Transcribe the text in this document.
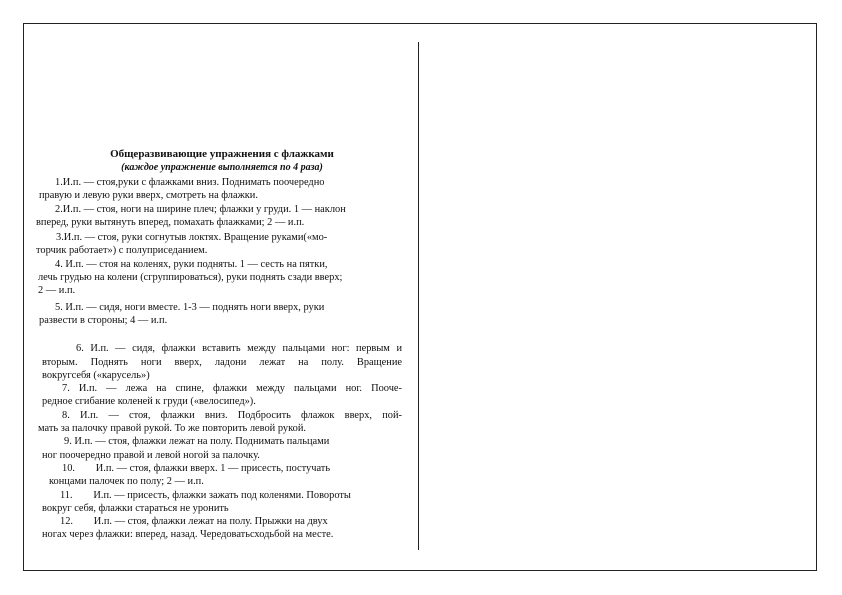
Общеразвивающие упражнения с флажками

(каждое упражнение выполняется по 4 раза)

1.И.п. — стоя,руки с флажками вниз. Поднимать поочередно
правую и левую руки вверх, смотреть на флажки.
2.И.п. — стоя, ноги на ширине плеч; флажки у груди. 1 — наклон
вперед, руки вытянуть вперед, помахать флажками; 2 — и.п.
3.И.п. — стоя, руки согнутыв локтях. Вращение руками(«мо-
торчик работает») с полуприседанием.
4. И.п. — стоя на коленях, руки подняты. 1 — сесть на пятки,
лечь грудью на колени (сгруппироваться), руки поднять сзади вверх;
2 — и.п.
5. И.п. — сидя, ноги вместе. 1-3 — поднять ноги вверх, руки
развести в стороны; 4 — и.п.
6. И.п. — сидя, флажки вставить между пальцами ног: первым и
вторым. Поднять ноги вверх, ладони лежат на полу. Вращение
вокругсебя («карусель»)
7. И.п. — лежа на спине, флажки между пальцами ног. Пооче-
редное сгибание коленей к груди («велосипед»).
8. И.п. — стоя, флажки вниз. Подбросить флажок вверх, пой-
мать за палочку правой рукой. То же повторить левой рукой.
9. И.п. — стоя, флажки лежат на полу. Поднимать пальцами
ног поочередно правой и левой ногой за палочку.
10.        И.п. — стоя, флажки вверх. 1 — присесть, постучать
концами палочек по полу; 2 — и.п.
11.        И.п. — присесть, флажки зажать под коленями. Повороты
вокруг себя, флажки стараться не уронить
12.        И.п. — стоя, флажки лежат на полу. Прыжки на двух
ногах через флажки: вперед, назад. Чередоватьсходьбой на месте.
